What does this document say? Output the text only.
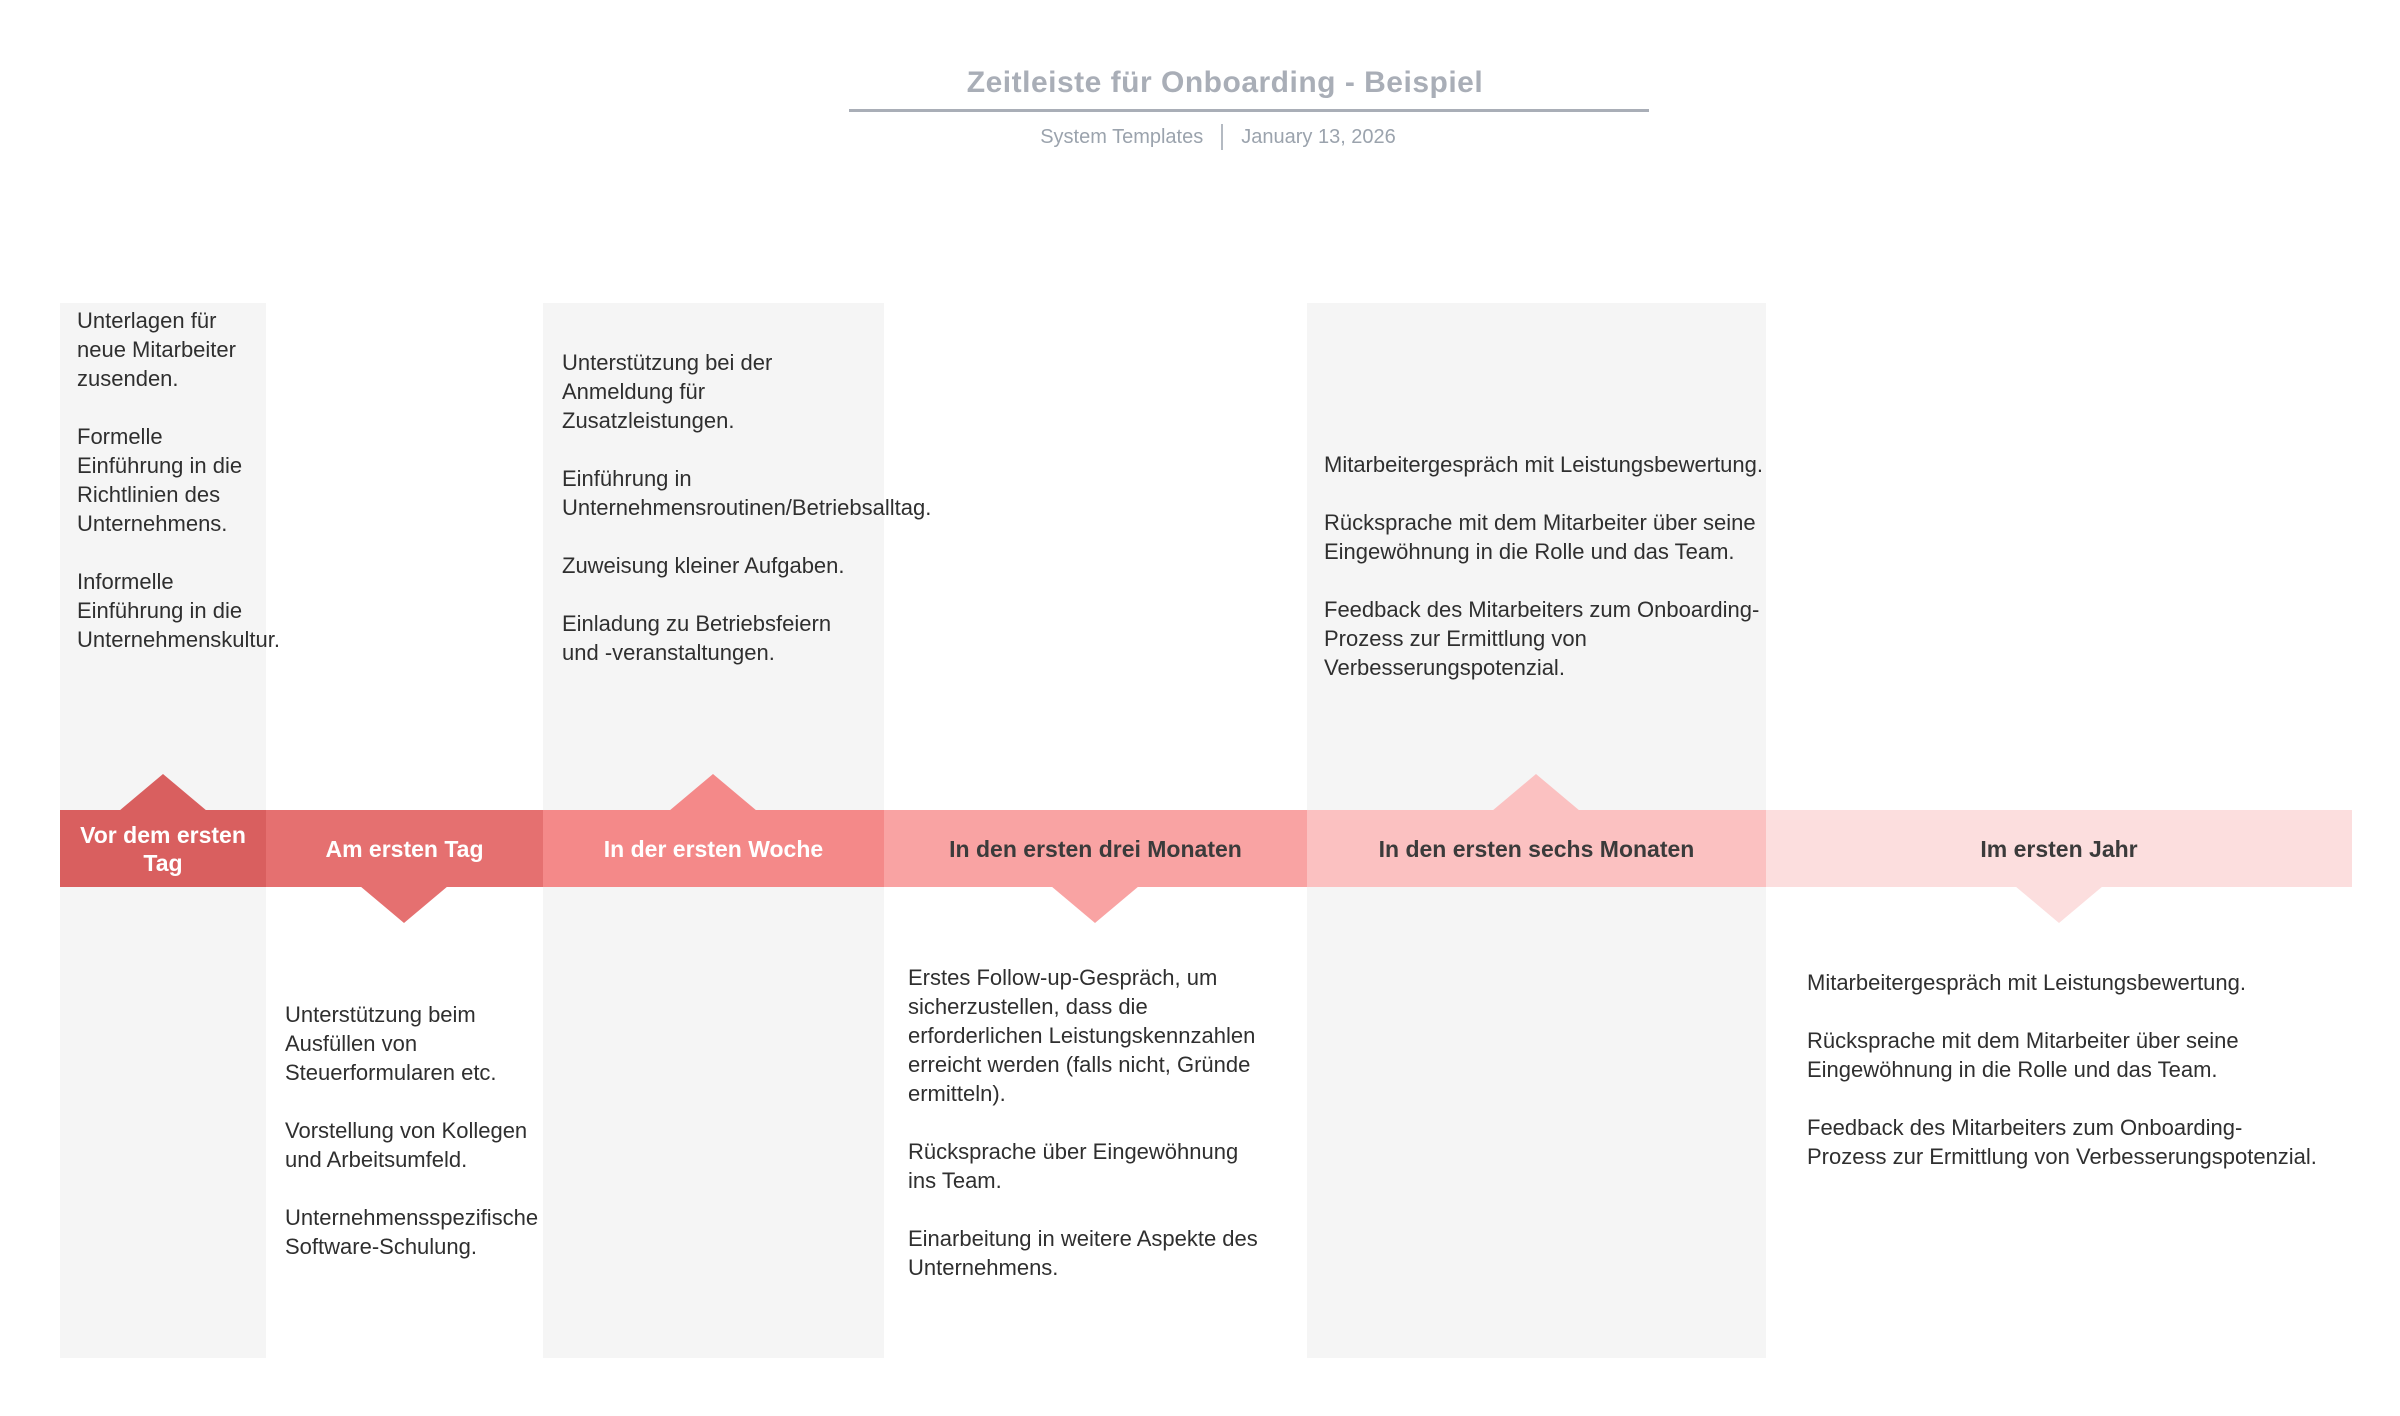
Zeitleiste für Onboarding - Beispiel
System Templates January 13, 2026
Vor dem ersten Tag
Am ersten Tag	In der ersten Woche	In den ersten drei Monaten	In den ersten sechs Monaten	Im ersten Jahr

Unterlagen für neue Mitarbeiter zusenden.

Formelle Einführung in die Richtlinien des Unternehmens.

Informelle Einführung in die Unternehmenskultur.

Unterstützung beim Ausfüllen von Steuerformularen etc.

Vorstellung von Kollegen und Arbeitsumfeld.

Unternehmensspezifische Software-Schulung.

Unterstützung bei der Anmeldung für Zusatzleistungen.

Einführung in Unternehmensroutinen/Betriebsalltag.

Zuweisung kleiner Aufgaben.

Einladung zu Betriebsfeiern und -veranstaltungen.

Erstes Follow-up-Gespräch, um sicherzustellen, dass die erforderlichen Leistungskennzahlen erreicht werden (falls nicht, Gründe ermitteln).

Rücksprache über Eingewöhnung ins Team.

Einarbeitung in weitere Aspekte des Unternehmens.

Mitarbeitergespräch mit Leistungsbewertung.

Rücksprache mit dem Mitarbeiter über seine Eingewöhnung in die Rolle und das Team.

Feedback des Mitarbeiters zum Onboarding-Prozess zur Ermittlung von Verbesserungspotenzial.

Mitarbeitergespräch mit Leistungsbewertung.

Rücksprache mit dem Mitarbeiter über seine Eingewöhnung in die Rolle und das Team.

Feedback des Mitarbeiters zum Onboarding-Prozess zur Ermittlung von Verbesserungspotenzial.
